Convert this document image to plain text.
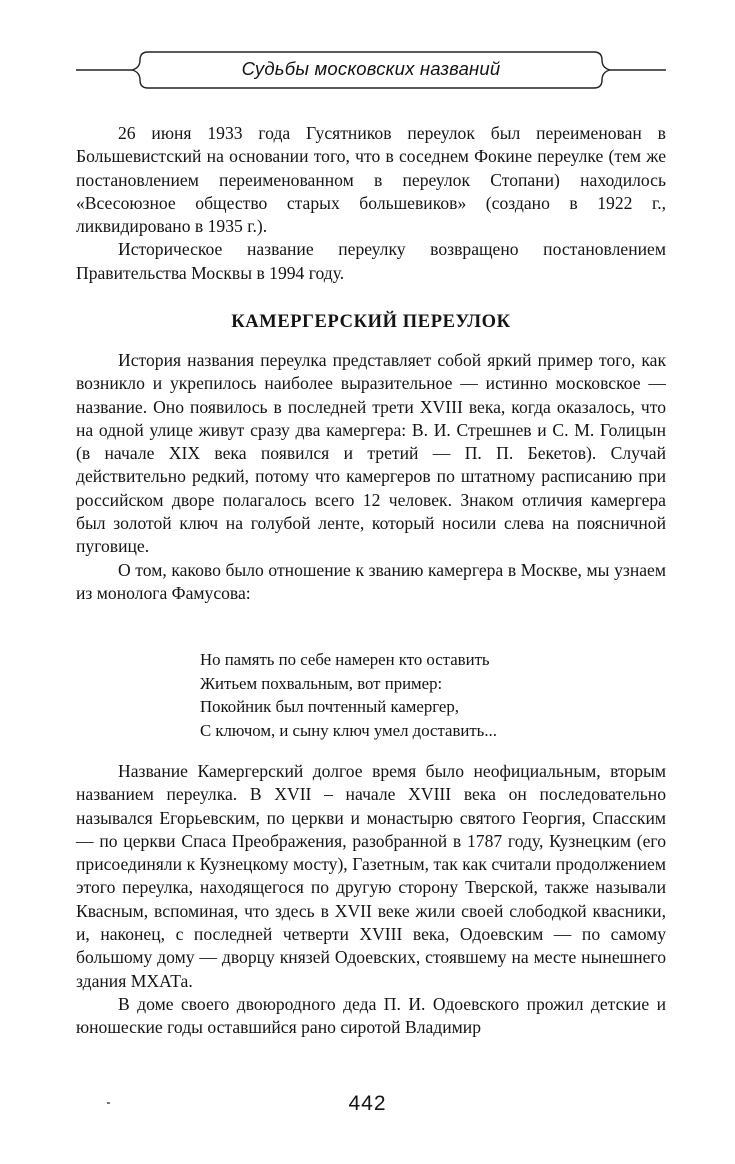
Судьбы московских названий

26 июня 1933 года Гусятников переулок был переименован в Большевистский на основании того, что в соседнем Фокине переулке (тем же постановлением переименованном в переулок Стопани) находилось «Всесоюзное общество старых большевиков» (создано в 1922 г., ликвидировано в 1935 г.).

Историческое название переулку возвращено постановлением Правительства Москвы в 1994 году.

КАМЕРГЕРСКИЙ ПЕРЕУЛОК

История названия переулка представляет собой яркий пример того, как возникло и укрепилось наиболее выразительное — истинно московское — название. Оно появилось в последней трети XVIII века, когда оказалось, что на одной улице живут сразу два камергера: В. И. Стрешнев и С. М. Голицын (в начале XIX века появился и третий — П. П. Бекетов). Случай действительно редкий, потому что камергеров по штатному расписанию при российском дворе полагалось всего 12 человек. Знаком отличия камергера был золотой ключ на голубой ленте, который носили слева на поясничной пуговице.

О том, каково было отношение к званию камергера в Москве, мы узнаем из монолога Фамусова:

Но память по себе намерен кто оставить
Житьем похвальным, вот пример:
Покойник был почтенный камергер,
С ключом, и сыну ключ умел доставить...

Название Камергерский долгое время было неофициальным, вторым названием переулка. В XVII – начале XVIII века он последовательно назывался Егорьевским, по церкви и монастырю святого Георгия, Спасским — по церкви Спаса Преображения, разобранной в 1787 году, Кузнецким (его присоединяли к Кузнецкому мосту), Газетным, так как считали продолжением этого переулка, находящегося по другую сторону Тверской, также называли Квасным, вспоминая, что здесь в XVII веке жили своей слободкой квасники, и, наконец, с последней четверти XVIII века, Одоевским — по самому большому дому — дворцу князей Одоевских, стоявшему на месте нынешнего здания МХАТа.

В доме своего двоюродного деда П. И. Одоевского прожил детские и юношеские годы оставшийся рано сиротой Владимир

442
